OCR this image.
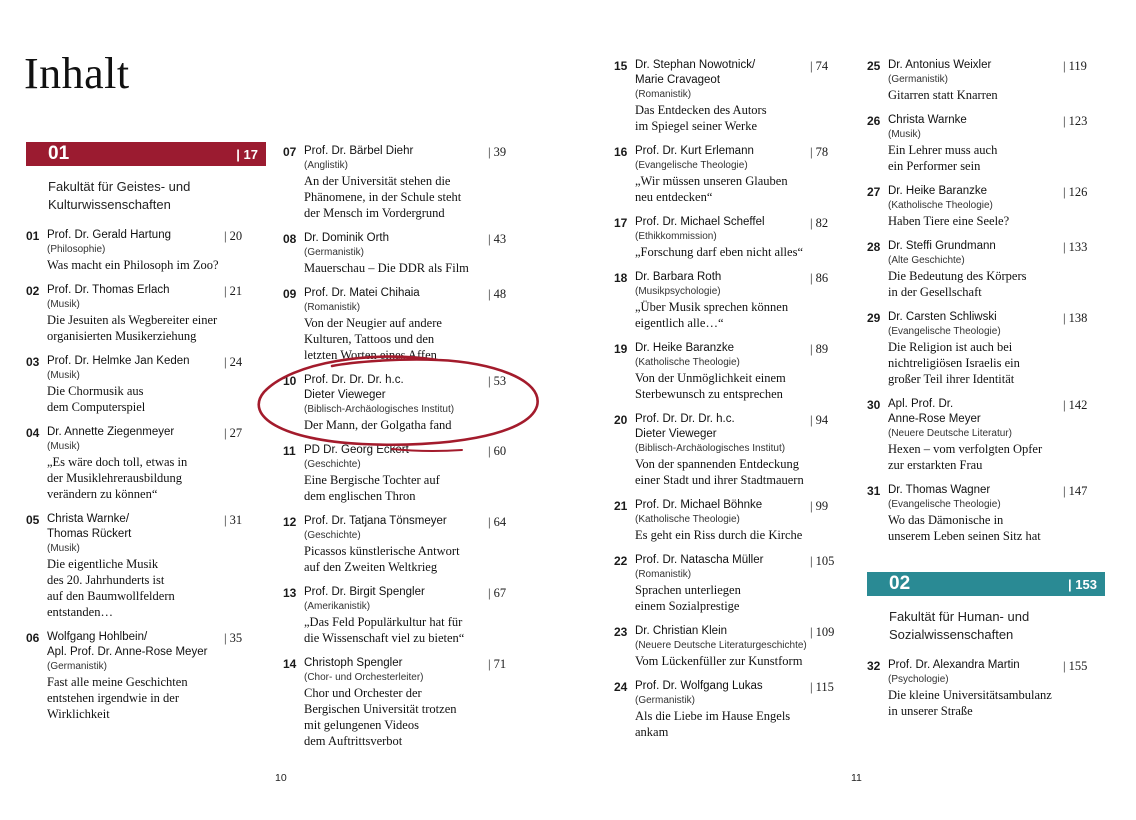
Inhalt
01	| 17
Fakultät für Geistes- und
Kulturwissenschaften
01 Prof. Dr. Gerald Hartung
(Philosophie)
Was macht ein Philosoph im Zoo?
| 20
02 Prof. Dr. Thomas Erlach
(Musik)
Die Jesuiten als Wegbereiter einer
organisierten Musikerziehung
| 21
03 Prof. Dr. Helmke Jan Keden
(Musik)
Die Chormusik aus
dem Computerspiel
| 24
04 Dr. Annette Ziegenmeyer
(Musik)
„Es wäre doch toll, etwas in
der Musiklehrerausbildung
verändern zu können“
| 27
05 Christa Warnke/
Thomas Rückert
(Musik)
Die eigentliche Musik
des 20. Jahrhunderts ist
auf den Baumwollfeldern
entstanden…
| 31
06 Wolfgang Hohlbein/
Apl. Prof. Dr. Anne-Rose Meyer
(Germanistik)
Fast alle meine Geschichten
entstehen irgendwie in der
Wirklichkeit
| 35
07 Prof. Dr. Bärbel Diehr
(Anglistik)
An der Universität stehen die
Phänomene, in der Schule steht
der Mensch im Vordergrund
| 39
08 Dr. Dominik Orth
(Germanistik)
Mauerschau – Die DDR als Film
| 43
09 Prof. Dr. Matei Chihaia
(Romanistik)
Von der Neugier auf andere
Kulturen, Tattoos und den
letzten Worten eines Affen
| 48
10 Prof. Dr. Dr. Dr. h.c.
Dieter Vieweger
(Biblisch-Archäologisches Institut)
Der Mann, der Golgatha fand
| 53
11 PD Dr. Georg Eckert
(Geschichte)
Eine Bergische Tochter auf
dem englischen Thron
| 60
12 Prof. Dr. Tatjana Tönsmeyer
(Geschichte)
Picassos künstlerische Antwort
auf den Zweiten Weltkrieg
| 64
13 Prof. Dr. Birgit Spengler
(Amerikanistik)
„Das Feld Populärkultur hat für
die Wissenschaft viel zu bieten“
| 67
14 Christoph Spengler
(Chor- und Orchesterleiter)
Chor und Orchester der
Bergischen Universität trotzen
mit gelungenen Videos
dem Auftrittsverbot
| 71
15 Dr. Stephan Nowotnick/
Marie Cravageot
(Romanistik)
Das Entdecken des Autors
im Spiegel seiner Werke
| 74
16 Prof. Dr. Kurt Erlemann
(Evangelische Theologie)
„Wir müssen unseren Glauben
neu entdecken“
| 78
17 Prof. Dr. Michael Scheffel
(Ethikkommission)
„Forschung darf eben nicht alles“
| 82
18 Dr. Barbara Roth
(Musikpsychologie)
„Über Musik sprechen können
eigentlich alle…“
| 86
19 Dr. Heike Baranzke
(Katholische Theologie)
Von der Unmöglichkeit einem
Sterbewunsch zu entsprechen
| 89
20 Prof. Dr. Dr. Dr. h.c.
Dieter Vieweger
(Biblisch-Archäologisches Institut)
Von der spannenden Entdeckung
einer Stadt und ihrer Stadtmauern
| 94
21 Prof. Dr. Michael Böhnke
(Katholische Theologie)
Es geht ein Riss durch die Kirche
| 99
22 Prof. Dr. Natascha Müller
(Romanistik)
Sprachen unterliegen
einem Sozialprestige
| 105
23 Dr. Christian Klein
(Neuere Deutsche Literaturgeschichte)
Vom Lückenfüller zur Kunstform
| 109
24 Prof. Dr. Wolfgang Lukas
(Germanistik)
Als die Liebe im Hause Engels
ankam
| 115
25 Dr. Antonius Weixler
(Germanistik)
Gitarren statt Knarren
| 119
26 Christa Warnke
(Musik)
Ein Lehrer muss auch
ein Performer sein
| 123
27 Dr. Heike Baranzke
(Katholische Theologie)
Haben Tiere eine Seele?
| 126
28 Dr. Steffi Grundmann
(Alte Geschichte)
Die Bedeutung des Körpers
in der Gesellschaft
| 133
29 Dr. Carsten Schliwski
(Evangelische Theologie)
Die Religion ist auch bei
nichtreligiösen Israelis ein
großer Teil ihrer Identität
| 138
30 Apl. Prof. Dr.
Anne-Rose Meyer
(Neuere Deutsche Literatur)
Hexen – vom verfolgten Opfer
zur erstarkten Frau
| 142
31 Dr. Thomas Wagner
(Evangelische Theologie)
Wo das Dämonische in
unserem Leben seinen Sitz hat
| 147
02	| 153
Fakultät für Human- und
Sozialwissenschaften
32 Prof. Dr. Alexandra Martin
(Psychologie)
Die kleine Universitätsambulanz
in unserer Straße
| 155
10	11
